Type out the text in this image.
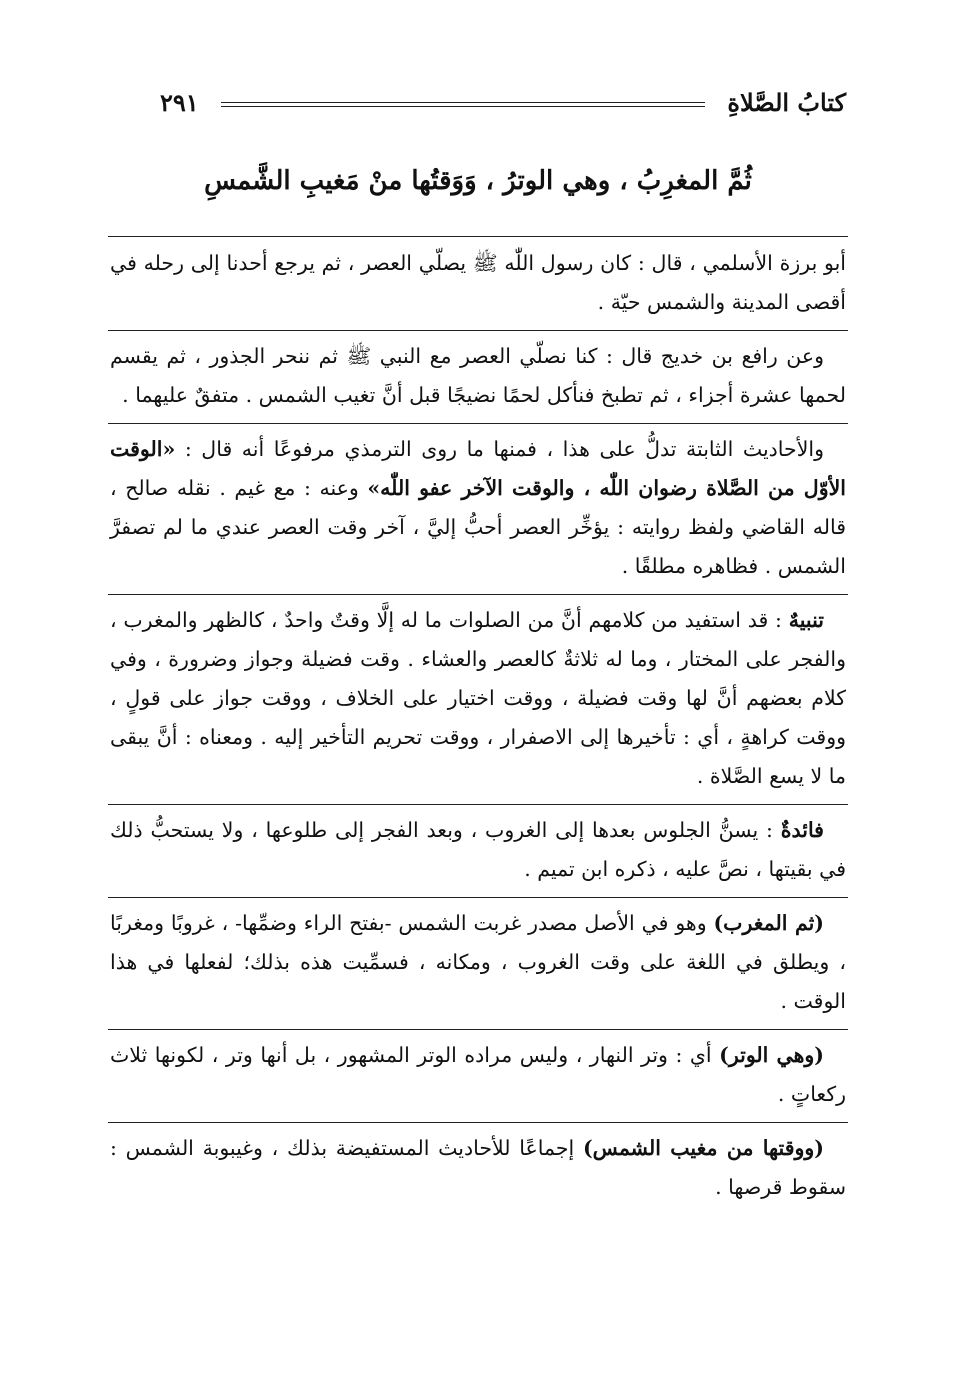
كتابُ الصَّلاةِ
٢٩١
ثُمَّ المغرِبُ ، وهي الوترُ ، وَوَقتُها منْ مَغيبِ الشَّمسِ

أبو برزة الأسلمي ، قال : كان رسول اللّٰه ﷺ يصلّي العصر ، ثم يرجع أحدنا إلى رحله في أقصى المدينة والشمس حيّة .

وعن رافع بن خديج قال : كنا نصلّي العصر مع النبي ﷺ ثم ننحر الجذور ، ثم يقسم لحمها عشرة أجزاء ، ثم تطبخ فنأكل لحمًا نضيجًا قبل أنَّ تغيب الشمس . متفقٌ عليهما .

والأحاديث الثابتة تدلُّ على هذا ، فمنها ما روى الترمذي مرفوعًا أنه قال : «الوقت الأوّل من الصَّلاة رضوان اللّٰه ، والوقت الآخر عفو اللّٰه» وعنه : مع غيم . نقله صالح ، قاله القاضي ولفظ روايته : يؤخِّر العصر أحبُّ إليَّ ، آخر وقت العصر عندي ما لم تصفرَّ الشمس . فظاهره مطلقًا .

تنبيهٌ : قد استفيد من كلامهم أنَّ من الصلوات ما له إلَّا وقتٌ واحدٌ ، كالظهر والمغرب ، والفجر على المختار ، وما له ثلاثةٌ كالعصر والعشاء . وقت فضيلة وجواز وضرورة ، وفي كلام بعضهم أنَّ لها وقت فضيلة ، ووقت اختيار على الخلاف ، ووقت جواز على قولٍ ، ووقت كراهةٍ ، أي : تأخيرها إلى الاصفرار ، ووقت تحريم التأخير إليه . ومعناه : أنَّ يبقى ما لا يسع الصَّلاة .

فائدةٌ : يسنُّ الجلوس بعدها إلى الغروب ، وبعد الفجر إلى طلوعها ، ولا يستحبُّ ذلك في بقيتها ، نصَّ عليه ، ذكره ابن تميم .

(ثم المغرب) وهو في الأصل مصدر غربت الشمس -بفتح الراء وضمِّها- ، غروبًا ومغربًا ، ويطلق في اللغة على وقت الغروب ، ومكانه ، فسمِّيت هذه بذلك؛ لفعلها في هذا الوقت .

(وهي الوتر) أي : وتر النهار ، وليس مراده الوتر المشهور ، بل أنها وتر ، لكونها ثلاث ركعاتٍ .

(ووقتها من مغيب الشمس) إجماعًا للأحاديث المستفيضة بذلك ، وغيبوبة الشمس : سقوط قرصها .
